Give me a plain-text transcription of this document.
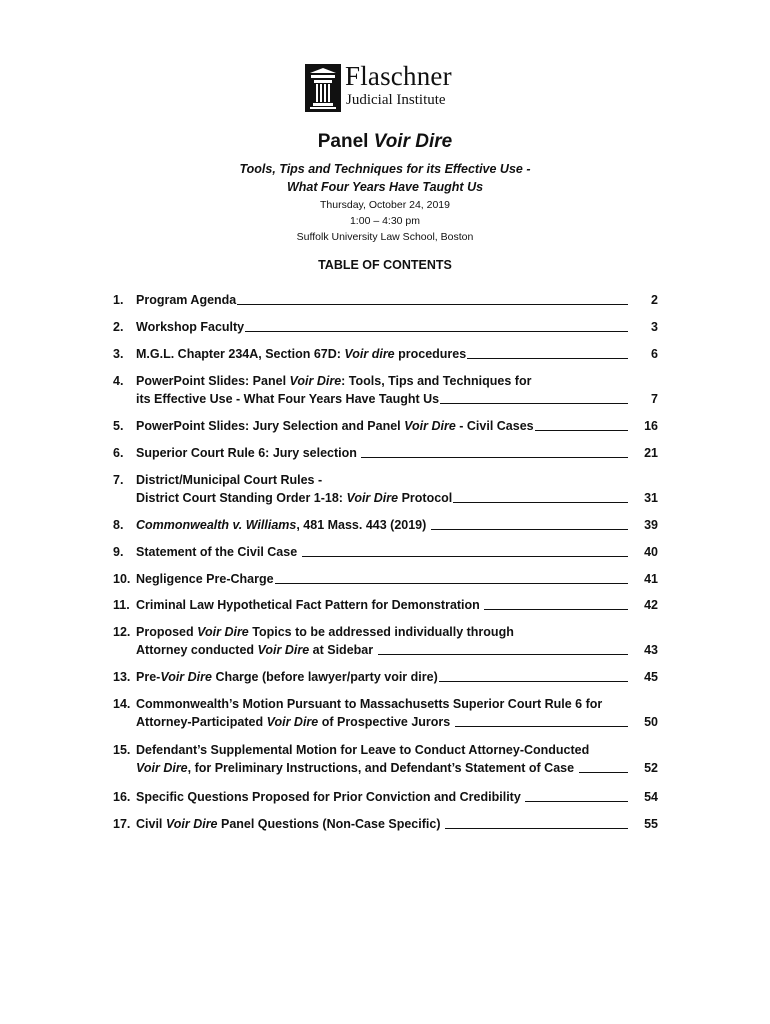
Flaschner
Judicial Institute
Panel Voir Dire
Tools, Tips and Techniques for its Effective Use -
What Four Years Have Taught Us
Thursday, October 24, 2019
1:00 – 4:30 pm
Suffolk University Law School, Boston
TABLE OF CONTENTS
1.	Program Agenda	2
2.	Workshop Faculty	3
3.	M.G.L. Chapter 234A, Section 67D: Voir dire procedures	6
4.	PowerPoint Slides: Panel Voir Dire : Tools, Tips and Techniques for
its Effective Use - What Four Years Have Taught Us	7
5.	PowerPoint Slides: Jury Selection and Panel Voir Dire - Civil Cases	16
6.	Superior Court Rule 6: Jury selection	21
7.	District/Municipal Court Rules -
District Court Standing Order 1-18: Voir Dire Protocol	31
8.	Commonwealth v. Williams , 481 Mass. 443 (2019)	39
9.	Statement of the Civil Case	40
10. Negligence Pre-Charge	41
11. Criminal Law Hypothetical Fact Pattern for Demonstration	42
12. Proposed Voir Dire Topics to be addressed individually through
Attorney conducted Voir Dire at Sidebar	43
13. Pre- Voir Dire Charge (before lawyer/party voir dire)	45
14. Commonwealth’s Motion Pursuant to Massachusetts Superior Court Rule 6 for
Attorney-Participated Voir Dire of Prospective Jurors	50
15. Defendant’s Supplemental Motion for Leave to Conduct Attorney-Conducted
Voir Dire , for Preliminary Instructions, and Defendant’s Statement of Case	52
16. Specific Questions Proposed for Prior Conviction and Credibility	54
17. Civil Voir Dire Panel Questions (Non-Case Specific)	55
